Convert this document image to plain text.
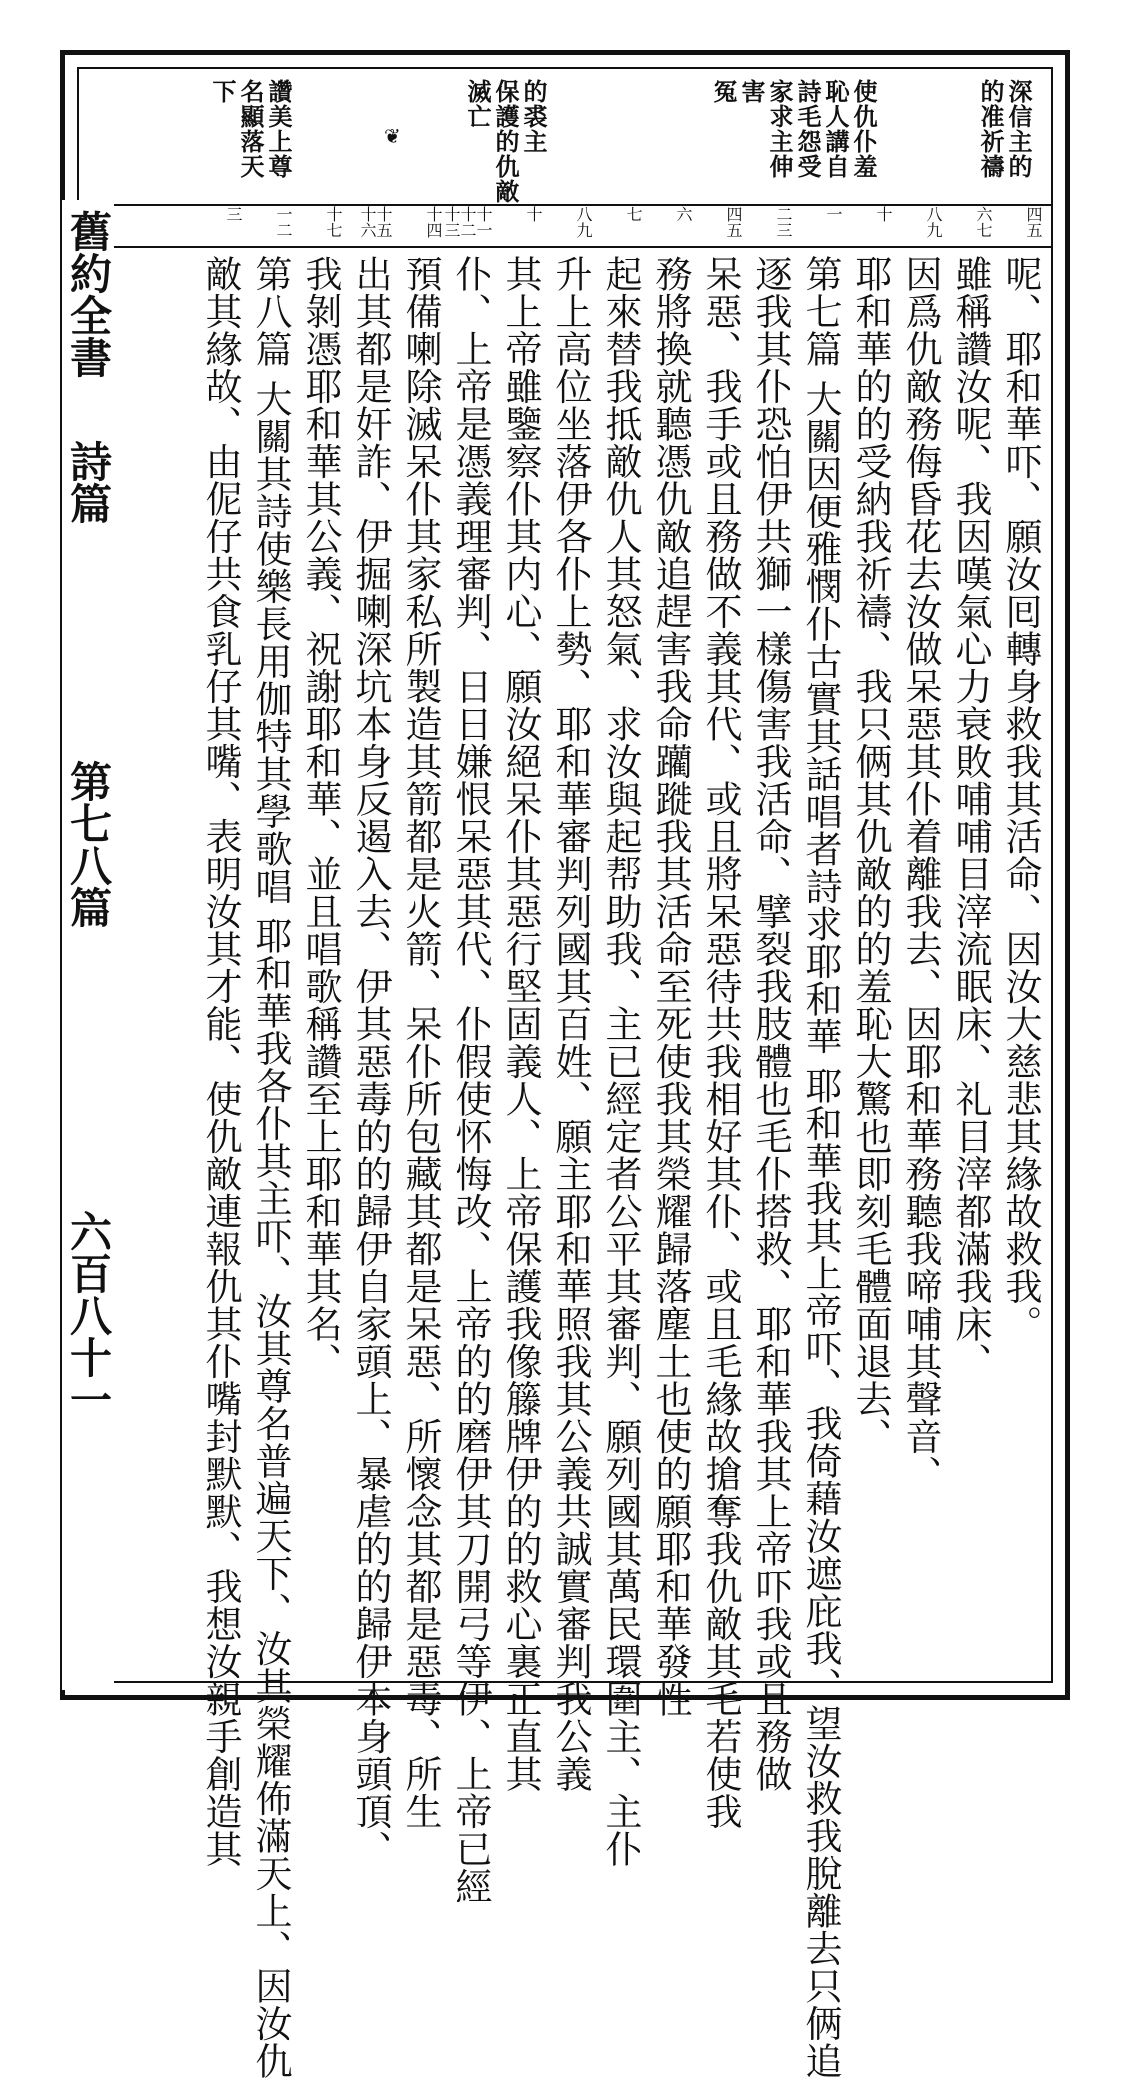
深信主的
的准祈禱
使仇仆羞
恥人講自
詩毛怨受
家求主伸
害
冤
的裘主
保護的仇敵
滅亡
❦
讚美上尊
名顯落天
下
四五
六七
八九
十
一
二三
四五
六
七
八九
十
十一十二十三
十四
十五十六
十七
一二
三
呢、耶和華吓、願汝囘轉身救我其活命、因汝大慈悲其緣故救我。
雖稱讚汝呢、我因嘆氣心力衰敗哺哺目滓流眠床、礼目滓都滿我床、
因爲仇敵務侮昏花去汝做呆惡其仆着離我去、因耶和華務聽我啼哺其聲音、
耶和華的的受納我祈禱、我只俩其仇敵的的羞恥大驚也即刻毛體面退去、
第七篇 大關因便雅憫仆古實其話唱者詩求耶和華 耶和華我其上帝吓、我倚藉汝遮庇我、望汝救我脫離去只俩追
逐我其仆恐怕伊共獅一樣傷害我活命、擘裂我肢體也毛仆搭救、耶和華我其上帝吓我或且務做
呆惡、我手或且務做不義其代、或且將呆惡待共我相好其仆、或且毛緣故搶奪我仇敵其毛若使我
務將換就聽憑仇敵追趕害我命躪蹝我其活命至死使我其榮耀歸落塵土也使的願耶和華發性
起來替我抵敵仇人其怒氣、求汝與起帮助我、主已經定者公平其審判、願列國其萬民環圍主、主仆
升上高位坐落伊各仆上勢、耶和華審判列國其百姓、願主耶和華照我其公義共誠實審判我公義
其上帝雖鑒察仆其内心、願汝絕呆仆其惡行堅固義人、上帝保護我像籐牌伊的的救心裏正直其
仆、上帝是憑義理審判、日日嫌恨呆惡其代、仆假使怀悔改、上帝的的磨伊其刀開弓等伊、上帝已經
預備喇除滅呆仆其家私所製造其箭都是火箭、呆仆所包藏其都是呆惡、所懷念其都是惡毒、所生
出其都是奸詐、伊掘喇深坑本身反遏入去、伊其惡毒的的歸伊自家頭上、暴虐的的歸伊本身頭頂、
我剝憑耶和華其公義、祝謝耶和華、並且唱歌稱讚至上耶和華其名、
第八篇 大關其詩使樂長用伽特其學歌唱 耶和華我各仆其主吓、汝其尊名普遍天下、汝其榮耀佈滿天上、因汝仇
敵其緣故、由伲仔共食乳仔其嘴、表明汝其才能、使仇敵連報仇其仆嘴封默默、我想汝親手創造其
舊約全書
詩篇
第七八篇
六百八十一
